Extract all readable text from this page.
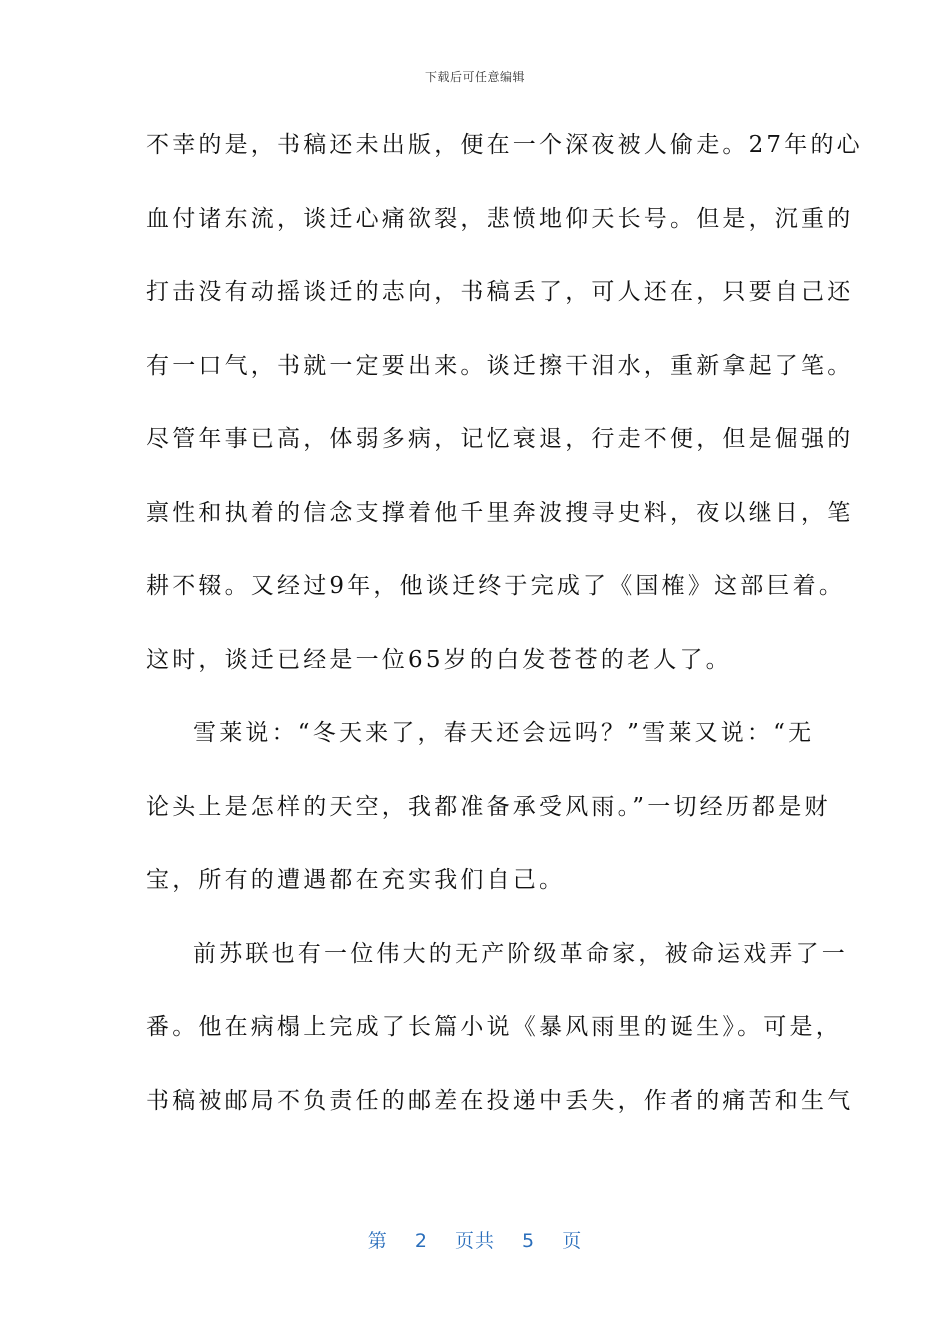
下载后可任意编辑
不幸的是，书稿还未出版，便在一个深夜被人偷走。27年的心
血付诸东流，谈迁心痛欲裂，悲愤地仰天长号。但是，沉重的
打击没有动摇谈迁的志向，书稿丢了，可人还在，只要自己还
有一口气，书就一定要出来。谈迁擦干泪水，重新拿起了笔。
尽管年事已高，体弱多病，记忆衰退，行走不便，但是倔强的
禀性和执着的信念支撑着他千里奔波搜寻史料，夜以继日，笔
耕不辍。又经过9年，他谈迁终于完成了《国榷》这部巨着。
这时，谈迁已经是一位65岁的白发苍苍的老人了。
雪莱说：“冬天来了，春天还会远吗？”雪莱又说：“无
论头上是怎样的天空，我都准备承受风雨。”一切经历都是财
宝，所有的遭遇都在充实我们自己。
前苏联也有一位伟大的无产阶级革命家，被命运戏弄了一
番。他在病榻上完成了长篇小说《暴风雨里的诞生》。可是，
书稿被邮局不负责任的邮差在投递中丢失，作者的痛苦和生气
第 2 页共 5 页
